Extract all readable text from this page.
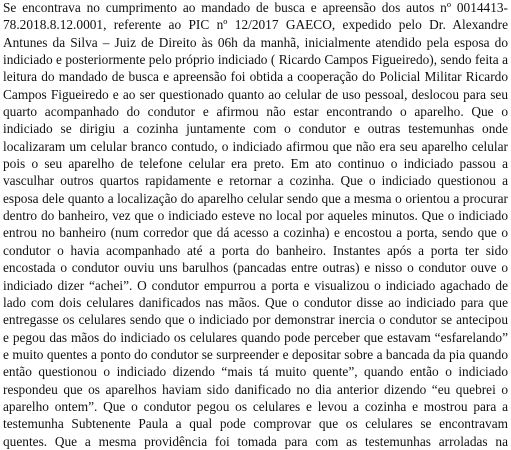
Se encontrava no cumprimento ao mandado de busca e apreensão dos autos nº 0014413-
78.2018.8.12.0001, referente ao PIC nº 12/2017 GAECO, expedido pelo Dr. Alexandre
Antunes da Silva – Juiz de Direito às 06h da manhã, inicialmente atendido pela esposa do
indiciado e posteriormente pelo próprio indiciado ( Ricardo Campos Figueiredo), sendo feita a
leitura do mandado de busca e apreensão foi obtida a cooperação do Policial Militar Ricardo
Campos Figueiredo e ao ser questionado quanto ao celular de uso pessoal, deslocou para seu
quarto acompanhado do condutor e afirmou não estar encontrando o aparelho. Que o
indiciado se dirigiu a cozinha juntamente com o condutor e outras testemunhas onde
localizaram um celular branco contudo, o indiciado afirmou que não era seu aparelho celular
pois o seu aparelho de telefone celular era preto. Em ato continuo o indiciado passou a
vasculhar outros quartos rapidamente e retornar a cozinha. Que o indiciado questionou a
esposa dele quanto a localização do aparelho celular sendo que a mesma o orientou a procurar
dentro do banheiro, vez que o indiciado esteve no local por aqueles minutos. Que o indiciado
entrou no banheiro (num corredor que dá acesso a cozinha) e encostou a porta, sendo que o
condutor o havia acompanhado até a porta do banheiro. Instantes após a porta ter sido
encostada o condutor ouviu uns barulhos (pancadas entre outras) e nisso o condutor ouve o
indiciado dizer “achei”. O condutor empurrou a porta e visualizou o indiciado agachado de
lado com dois celulares danificados nas mãos. Que o condutor disse ao indiciado para que
entregasse os celulares sendo que o indiciado por demonstrar inercia o condutor se antecipou
e pegou das mãos do indiciado os celulares quando pode perceber que estavam “esfarelando”
e muito quentes a ponto do condutor se surpreender e depositar sobre a bancada da pia quando
então questionou o indiciado dizendo “mais tá muito quente”, quando então o indiciado
respondeu que os aparelhos haviam sido danificado no dia anterior dizendo “eu quebrei o
aparelho ontem”. Que o condutor pegou os celulares e levou a cozinha e mostrou para a
testemunha Subtenente Paula a qual pode comprovar que os celulares se encontravam
quentes. Que a mesma providência foi tomada para com as testemunhas arroladas na
